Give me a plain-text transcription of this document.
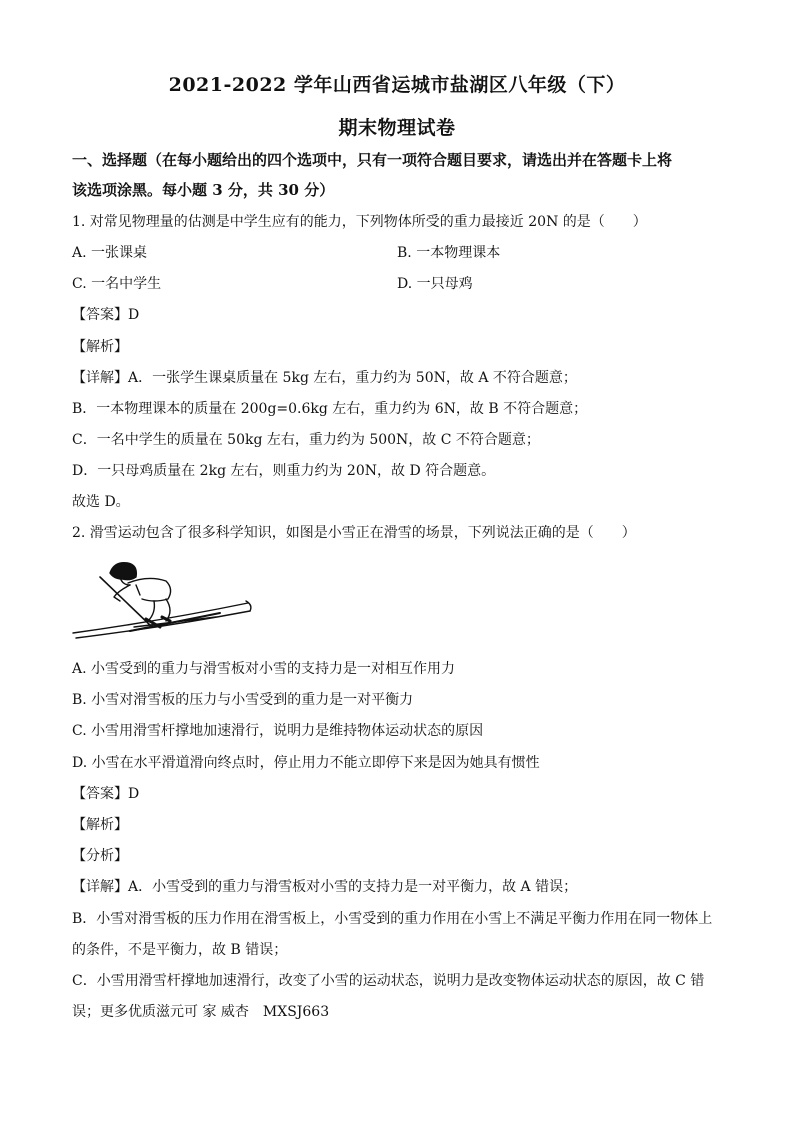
2021-2022 学年山西省运城市盐湖区八年级（下）
期末物理试卷
一、选择题（在每小题给出的四个选项中，只有一项符合题目要求，请选出并在答题卡上将
该选项涂黑。每小题 3 分，共 30 分）
1. 对常见物理量的估测是中学生应有的能力，下列物体所受的重力最接近 20N 的是（　　）
A. 一张课桌	B. 一本物理课本
C. 一名中学生	D. 一只母鸡
【答案】D
【解析】
【详解】A．一张学生课桌质量在 5kg 左右，重力约为 50N，故 A 不符合题意；
B．一本物理课本的质量在 200g=0.6kg 左右，重力约为 6N，故 B 不符合题意；
C．一名中学生的质量在 50kg 左右，重力约为 500N，故 C 不符合题意；
D．一只母鸡质量在 2kg 左右，则重力约为 20N，故 D 符合题意。
故选 D。
2. 滑雪运动包含了很多科学知识，如图是小雪正在滑雪的场景，下列说法正确的是（　　）
A. 小雪受到的重力与滑雪板对小雪的支持力是一对相互作用力
B. 小雪对滑雪板的压力与小雪受到的重力是一对平衡力
C. 小雪用滑雪杆撑地加速滑行，说明力是维持物体运动状态的原因
D. 小雪在水平滑道滑向终点时，停止用力不能立即停下来是因为她具有惯性
【答案】D
【解析】
【分析】
【详解】A．小雪受到的重力与滑雪板对小雪的支持力是一对平衡力，故 A 错误；
B．小雪对滑雪板的压力作用在滑雪板上，小雪受到的重力作用在小雪上不满足平衡力作用在同一物体上
的条件，不是平衡力，故 B 错误；
C．小雪用滑雪杆撑地加速滑行，改变了小雪的运动状态，说明力是改变物体运动状态的原因，故 C 错
误；更多优质滋元可 家 威杏　MXSJ663
